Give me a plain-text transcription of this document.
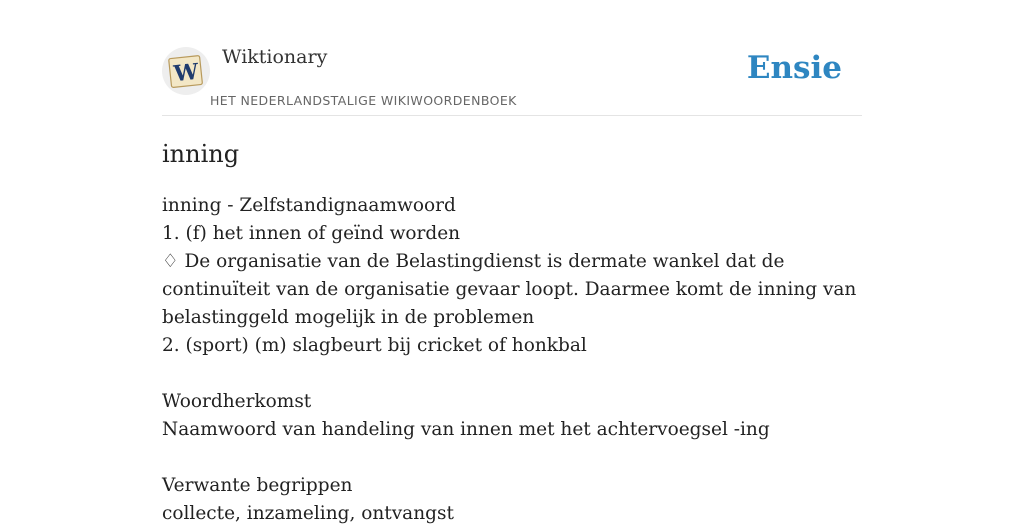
W
Wiktionary
HET NEDERLANDSTALIGE WIKIWOORDENBOEK
Ensie
inning
inning - Zelfstandignaamwoord
1. (f) het innen of geïnd worden
♢ De organisatie van de Belastingdienst is dermate wankel dat de continuïteit van de organisatie gevaar loopt. Daarmee komt de inning van belastinggeld mogelijk in de problemen
2. (sport) (m) slagbeurt bij cricket of honkbal
Woordherkomst
Naamwoord van handeling van innen met het achtervoegsel -ing
Verwante begrippen
collecte, inzameling, ontvangst
